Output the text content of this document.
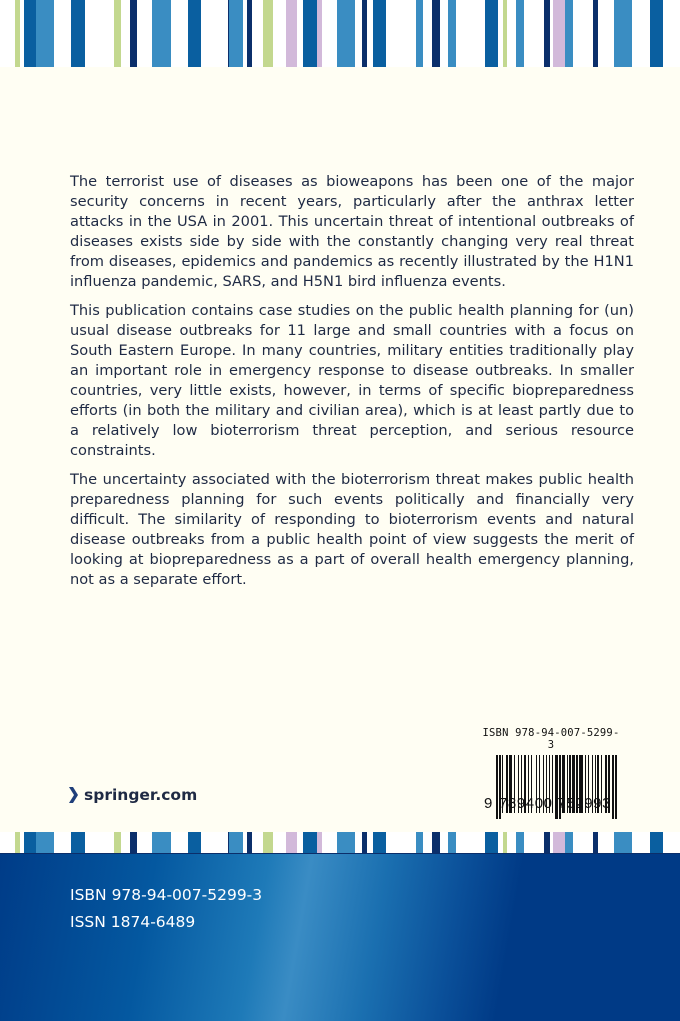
The terrorist use of diseases as bioweapons has been one of the major security concerns in recent years, particularly after the anthrax letter attacks in the USA in 2001. This uncertain threat of intentional outbreaks of diseases exists side by side with the constantly changing very real threat from diseases, epidemics and pandemics as recently illustrated by the H1N1 influenza pandemic, SARS, and H5N1 bird influenza events.

This publication contains case studies on the public health planning for (un) usual disease outbreaks for 11 large and small countries with a focus on South Eastern Europe. In many countries, military entities traditionally play an important role in emergency response to disease outbreaks. In smaller countries, very little exists, however, in terms of specific biopreparedness efforts (in both the military and civilian area), which is at least partly due to a relatively low bioterrorism threat perception, and serious resource constraints.

The uncertainty associated with the bioterrorism threat makes public health preparedness planning for such events politically and financially very difficult. The similarity of responding to bioterrorism events and natural disease outbreaks from a public health point of view suggests the merit of looking at biopreparedness as a part of overall health emergency planning, not as a separate effort.

ISBN 978-94-007-5299-3
9 789400 752993
springer.com
ISBN 978-94-007-5299-3
ISSN 1874-6489
